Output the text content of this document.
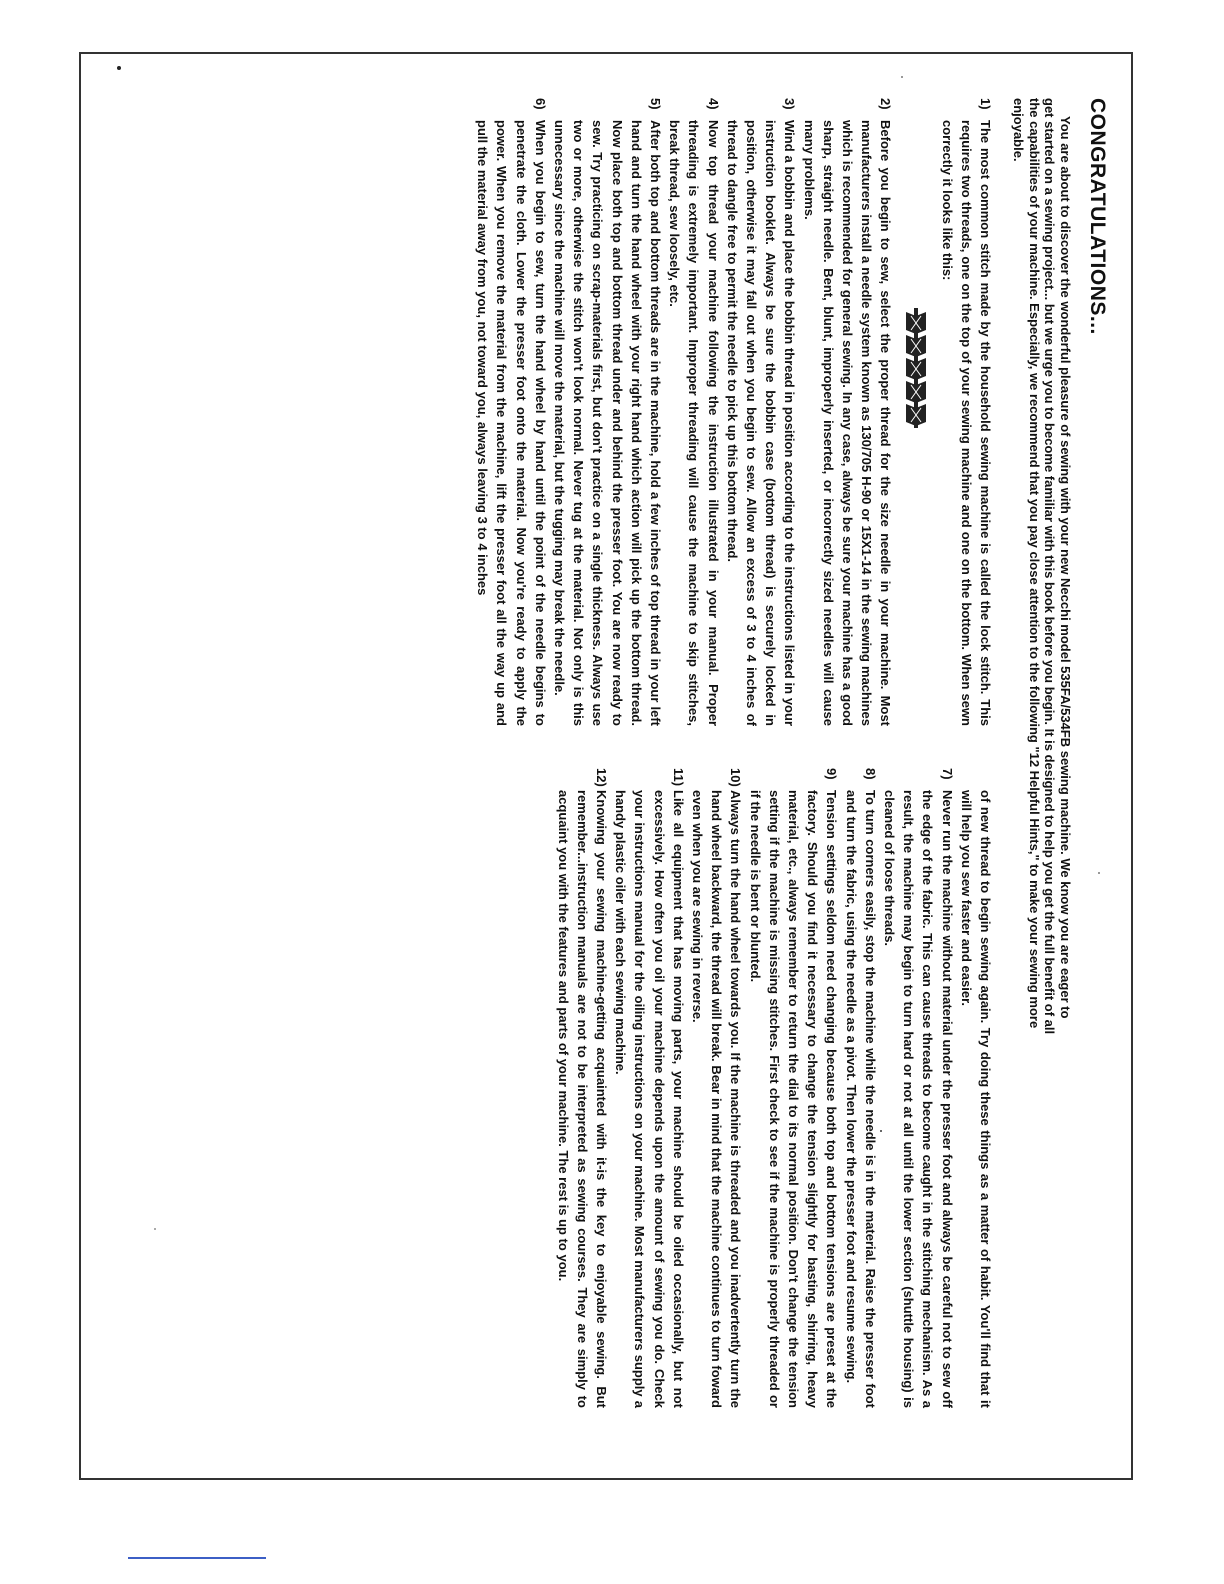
CONGRATULATIONS...

You are about to discover the wonderful pleasure of sewing with your new Necchi model 535FA/534FB sewing machine. We know you are eager to get started on a sewing project... but we urge you to become familiar with this book before you begin. It is designed to help you get the full benefit of all the capabilities of your machine. Especially, we recommend that you pay close attention to the following "12 Helpful Hints," to make your sewing more enjoyable.

1)
The most common stitch made by the household sewing machine is called the lock stitch. This requires two threads, one on the top of your sewing machine and one on the bottom. When sewn correctly it looks like this:
2)
Before you begin to sew, select the proper thread for the size needle in your machine. Most manufacturers install a needle system known as 130/705 H-90 or 15X1-14 in the sewing machines which is recommended for general sewing. In any case, always be sure your machine has a good sharp, straight needle. Bent, blunt, improperly inserted, or incorrectly sized needles will cause many problems.
3)
Wind a bobbin and place the bobbin thread in position according to the instructions listed in your instruction booklet. Always be sure the bobbin case (bottom thread) is securely locked in position, otherwise it may fall out when you begin to sew. Allow an excess of 3 to 4 inches of thread to dangle free to permit the needle to pick up this bottom thread.
4)
Now top thread your machine following the instruction illustrated in your manual. Proper threading is extremely important. Improper threading will cause the machine to skip stitches, break thread, sew loosely, etc.
5)
After both top and bottom threads are in the machine, hold a few inches of top thread in your left hand and turn the hand wheel with your right hand which action will pick up the bottom thread. Now place both top and bottom thread under and behind the presser foot. You are now ready to sew. Try practicing on scrap-materials first, but don't practice on a single thickness. Always use two or more, otherwise the stitch won't look normal. Never tug at the material. Not only is this unnecessary since the machine will move the material, but the tugging may break the needle.
6)
When you begin to sew, turn the hand wheel by hand until the point of the needle begins to penetrate the cloth. Lower the presser foot onto the material. Now you're ready to apply the power. When you remove the material from the machine, lift the presser foot all the way up and pull the material away from you, not toward you, always leaving 3 to 4 inches
of new thread to begin sewing again. Try doing these things as a matter of habit. You'll find that it will help you sew faster and easier.
7)
Never run the machine without material under the presser foot and always be careful not to sew off the edge of the fabric. This can cause threads to become caught in the stitching mechanism. As a result, the machine may begin to turn hard or not at all until the lower section (shuttle housing) is cleaned of loose threads.
8)
To turn corners easily, stop the machine while the needle is in the material. Raise the presser foot and turn the fabric, using the needle as a pivot. Then lower the presser foot and resume sewing.
9)
Tension settings seldom need changing because both top and bottom tensions are preset at the factory. Should you find it necessary to change the tension slightly for basting, shirring, heavy material, etc., always remember to return the dial to its normal position. Don't change the tension setting if the machine is missing stitches. First check to see if the machine is properly threaded or if the needle is bent or blunted.
10)
Always turn the hand wheel towards you. If the machine is threaded and you inadvertently turn the hand wheel backward, the thread will break. Bear in mind that the machine continues to turn foward even when you are sewing in reverse.
11)
Like all equipment that has moving parts, your machine should be oiled occasionally, but not excessively. How often you oil your machine depends upon the amount of sewing you do. Check your instructions manual for the oiling instructions on your machine. Most manufacturers supply a handy plastic oiler with each sewing machine.
12)
Knowing your sewing machine-getting acquainted with it-is the key to enjoyable sewing. But remember...instruction manuals are not to be interpreted as sewing courses. They are simply to acquaint you with the features and parts of your machine. The rest is up to you.
